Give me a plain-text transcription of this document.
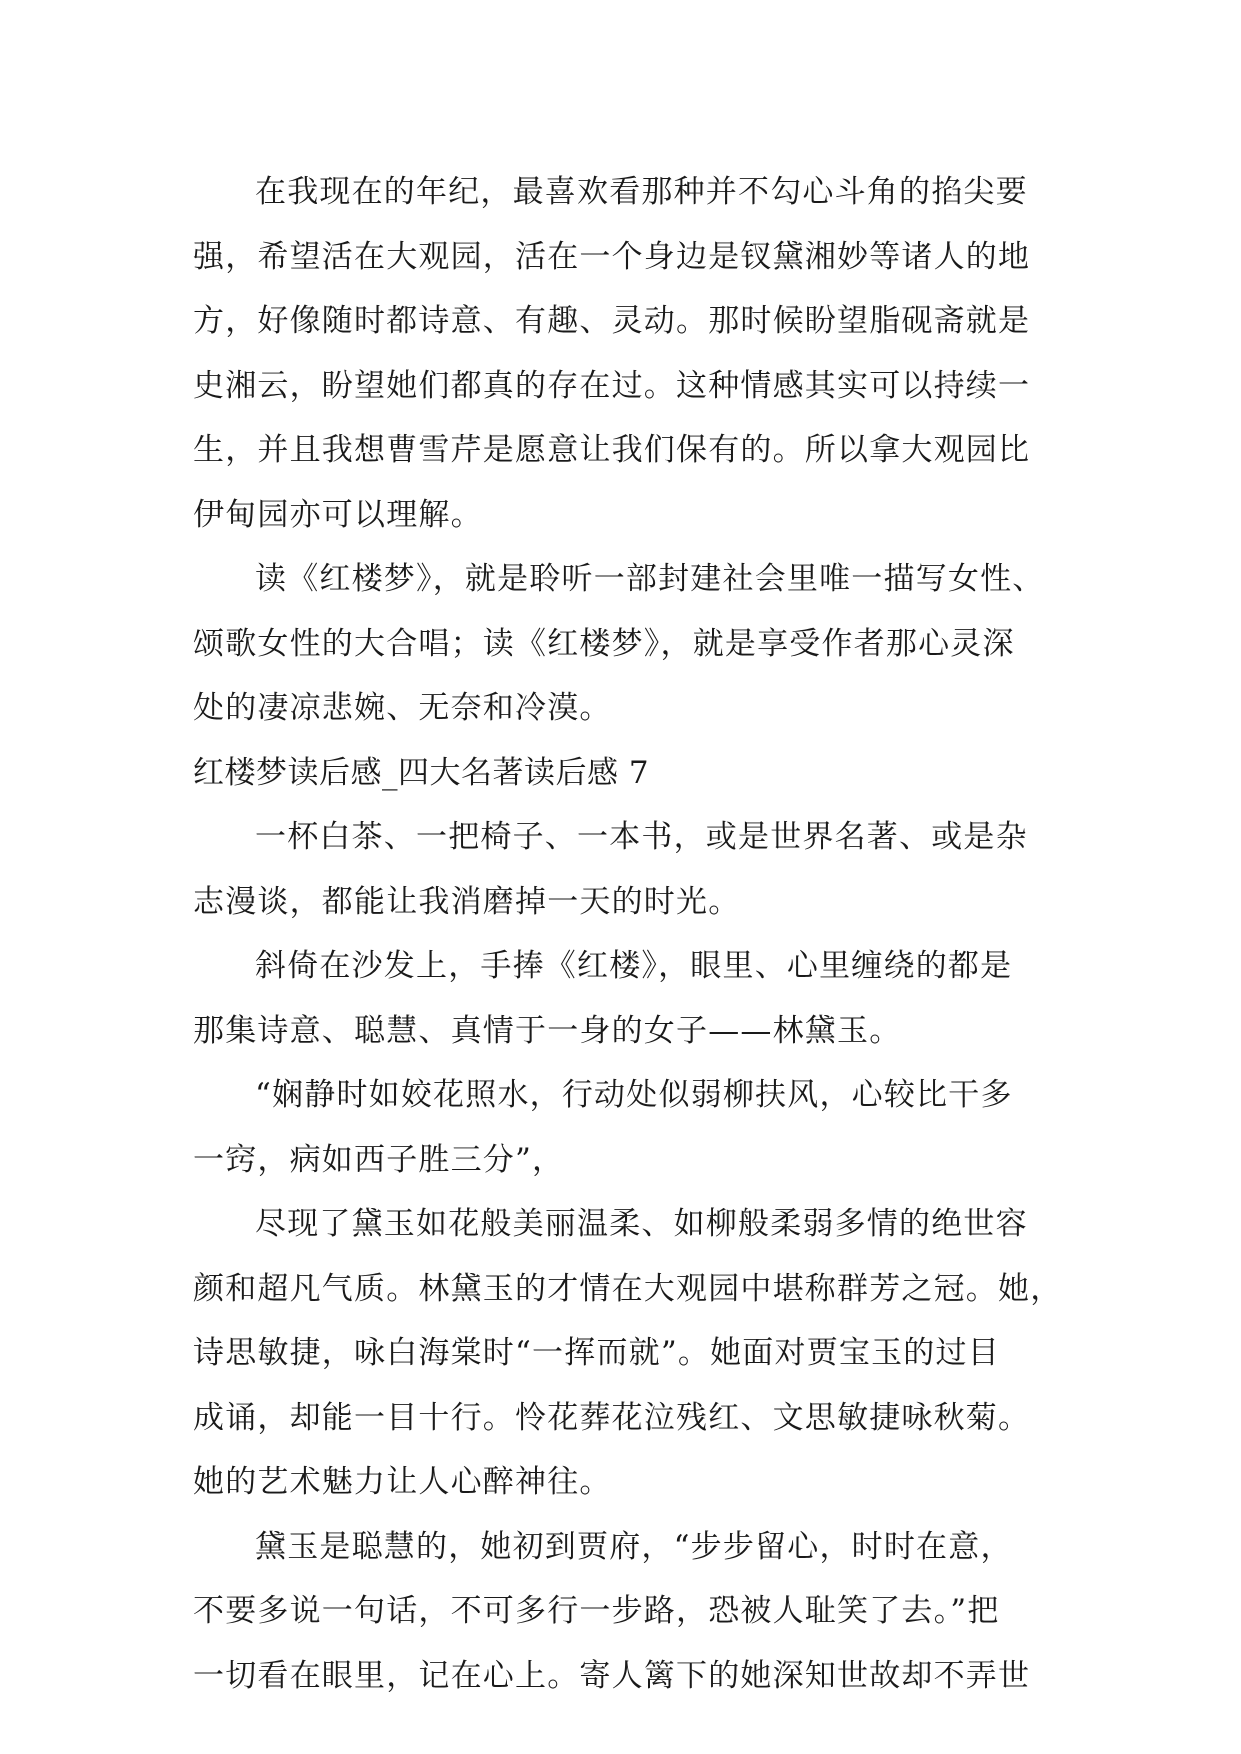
在我现在的年纪，最喜欢看那种并不勾心斗角的掐尖要
强，希望活在大观园，活在一个身边是钗黛湘妙等诸人的地
方，好像随时都诗意、有趣、灵动。那时候盼望脂砚斋就是
史湘云，盼望她们都真的存在过。这种情感其实可以持续一
生，并且我想曹雪芹是愿意让我们保有的。所以拿大观园比
伊甸园亦可以理解。
读《红楼梦》，就是聆听一部封建社会里唯一描写女性、
颂歌女性的大合唱；读《红楼梦》，就是享受作者那心灵深
处的凄凉悲婉、无奈和冷漠。
红楼梦读后感_四大名著读后感 7
一杯白茶、一把椅子、一本书，或是世界名著、或是杂
志漫谈，都能让我消磨掉一天的时光。
斜倚在沙发上，手捧《红楼》，眼里、心里缠绕的都是
那集诗意、聪慧、真情于一身的女子——林黛玉。
“娴静时如姣花照水，行动处似弱柳扶风，心较比干多
一窍，病如西子胜三分”，
尽现了黛玉如花般美丽温柔、如柳般柔弱多情的绝世容
颜和超凡气质。林黛玉的才情在大观园中堪称群芳之冠。她，
诗思敏捷，咏白海棠时“一挥而就”。她面对贾宝玉的过目
成诵，却能一目十行。怜花葬花泣残红、文思敏捷咏秋菊。
她的艺术魅力让人心醉神往。
黛玉是聪慧的，她初到贾府，“步步留心，时时在意，
不要多说一句话，不可多行一步路，恐被人耻笑了去。”把
一切看在眼里，记在心上。寄人篱下的她深知世故却不弄世
